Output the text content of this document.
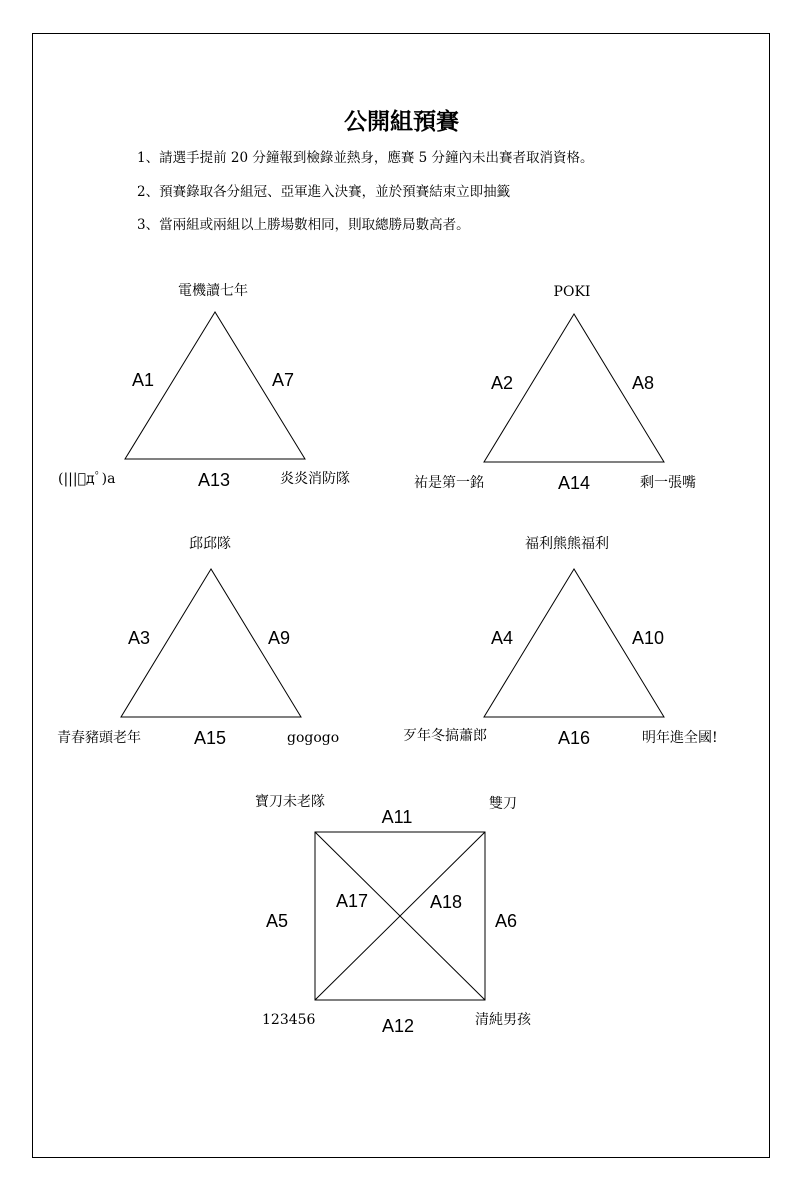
公開組預賽
1、請選手提前 20 分鐘報到檢錄並熱身，應賽 5 分鐘內未出賽者取消資格。
2、預賽錄取各分組冠、亞軍進入決賽，並於預賽結束立即抽籤
3、當兩組或兩組以上勝場數相同，則取總勝局數高者。
電機讀七年
A1	A7
(|||ﾟдﾟ)a	A13	炎炎消防隊
POKI
A2	A8
祐是第一銘	A14	剩一張嘴
邱邱隊
A3	A9
青春豬頭老年	A15	gogogo
福利熊熊福利
A4	A10
歹年冬搞蕭郎	A16	明年進全國!
寶刀未老隊	雙刀
A11
A17	A18
A5	A6
123456	A12	清純男孩
